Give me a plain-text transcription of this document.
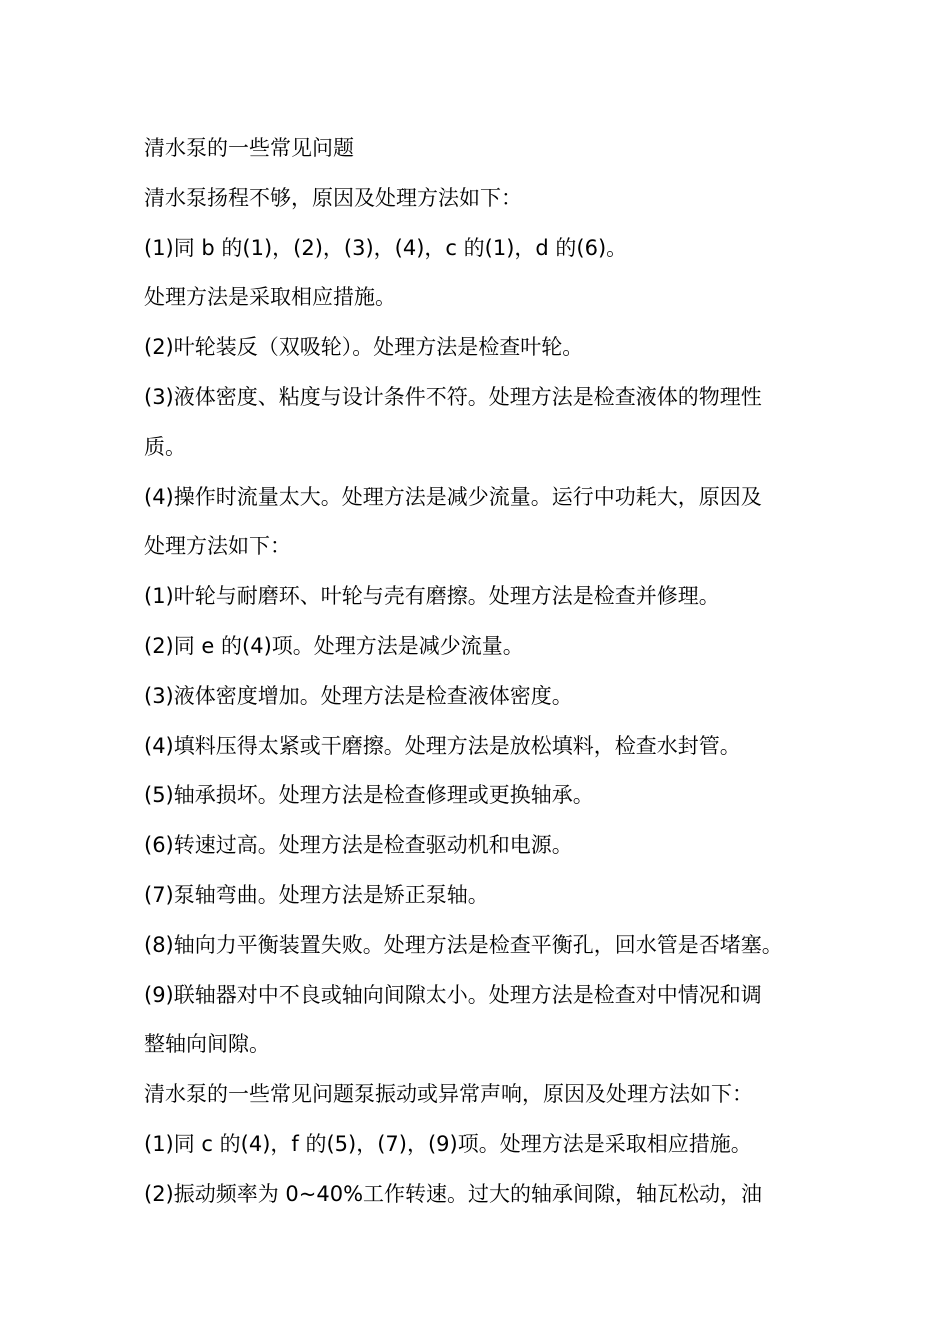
清水泵的一些常见问题

清水泵扬程不够，原因及处理方法如下：

(1)同 b 的(1)，(2)，(3)，(4)，c 的(1)，d 的(6)。

处理方法是采取相应措施。

(2)叶轮装反（双吸轮）。处理方法是检查叶轮。

(3)液体密度、粘度与设计条件不符。处理方法是检查液体的物理性

质。

(4)操作时流量太大。处理方法是减少流量。运行中功耗大，原因及

处理方法如下：

(1)叶轮与耐磨环、叶轮与壳有磨擦。处理方法是检查并修理。

(2)同 e 的(4)项。处理方法是减少流量。

(3)液体密度增加。处理方法是检查液体密度。

(4)填料压得太紧或干磨擦。处理方法是放松填料，检查水封管。

(5)轴承损坏。处理方法是检查修理或更换轴承。

(6)转速过高。处理方法是检查驱动机和电源。

(7)泵轴弯曲。处理方法是矫正泵轴。

(8)轴向力平衡装置失败。处理方法是检查平衡孔，回水管是否堵塞。

(9)联轴器对中不良或轴向间隙太小。处理方法是检查对中情况和调

整轴向间隙。

清水泵的一些常见问题泵振动或异常声响，原因及处理方法如下：

(1)同 c 的(4)，f 的(5)，(7)，(9)项。处理方法是采取相应措施。

(2)振动频率为 0~40%工作转速。过大的轴承间隙，轴瓦松动，油
